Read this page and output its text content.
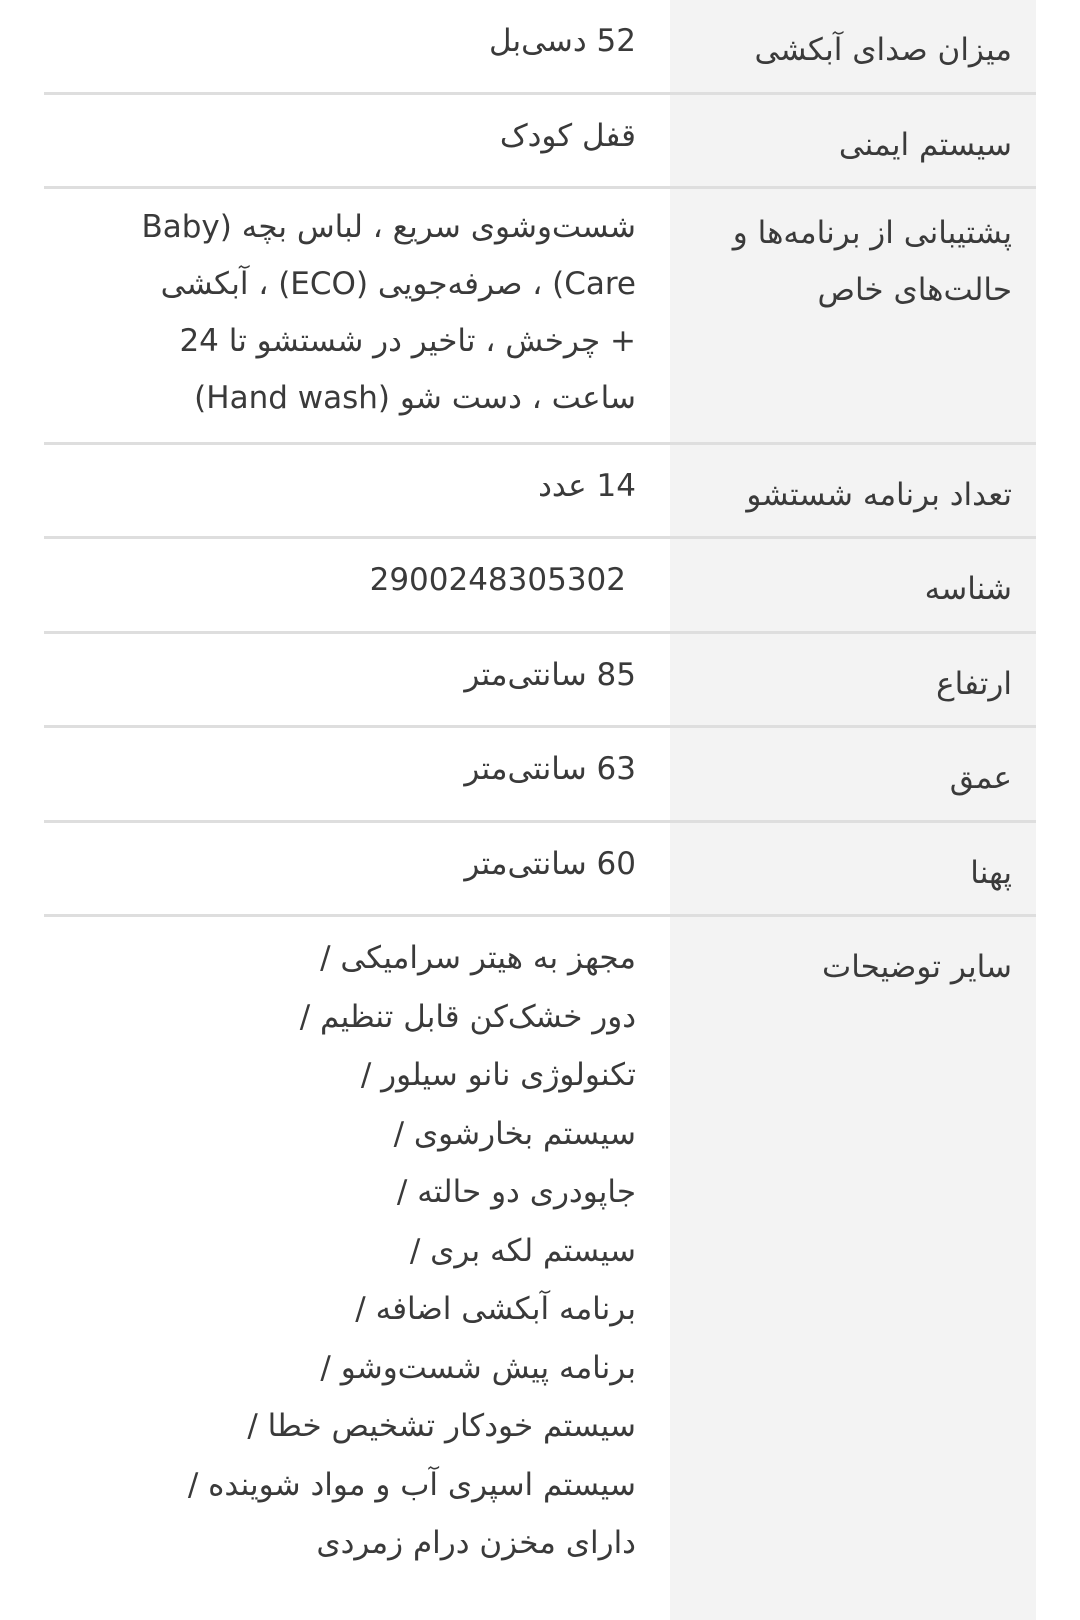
میزان صدای آبکشی
52 دسی‌بل
سیستم ایمنی
قفل کودک
پشتیبانی از برنامه‌ها و
حالت‌های خاص
شست‌وشوی سریع ، لباس بچه (Baby
Care) ، صرفه‌جویی (ECO) ، آبکشی
+ چرخش ، تاخیر در شستشو تا 24
ساعت ، دست شو (Hand wash)
تعداد برنامه شستشو
14 عدد
شناسه
2900248305302
ارتفاع
85 سانتی‌متر
عمق
63 سانتی‌متر
پهنا
60 سانتی‌متر
سایر توضیحات
مجهز به هیتر سرامیکی /
دور خشک‌کن قابل تنظیم /
تکنولوژی نانو سیلور /
سیستم بخارشوی /
جاپودری دو حالته /
سیستم لکه بری /
برنامه آبکشی اضافه /
برنامه پیش شست‌وشو /
سیستم خودکار تشخیص خطا /
سیستم اسپری آب و مواد شوینده /
دارای مخزن درام زمردی
